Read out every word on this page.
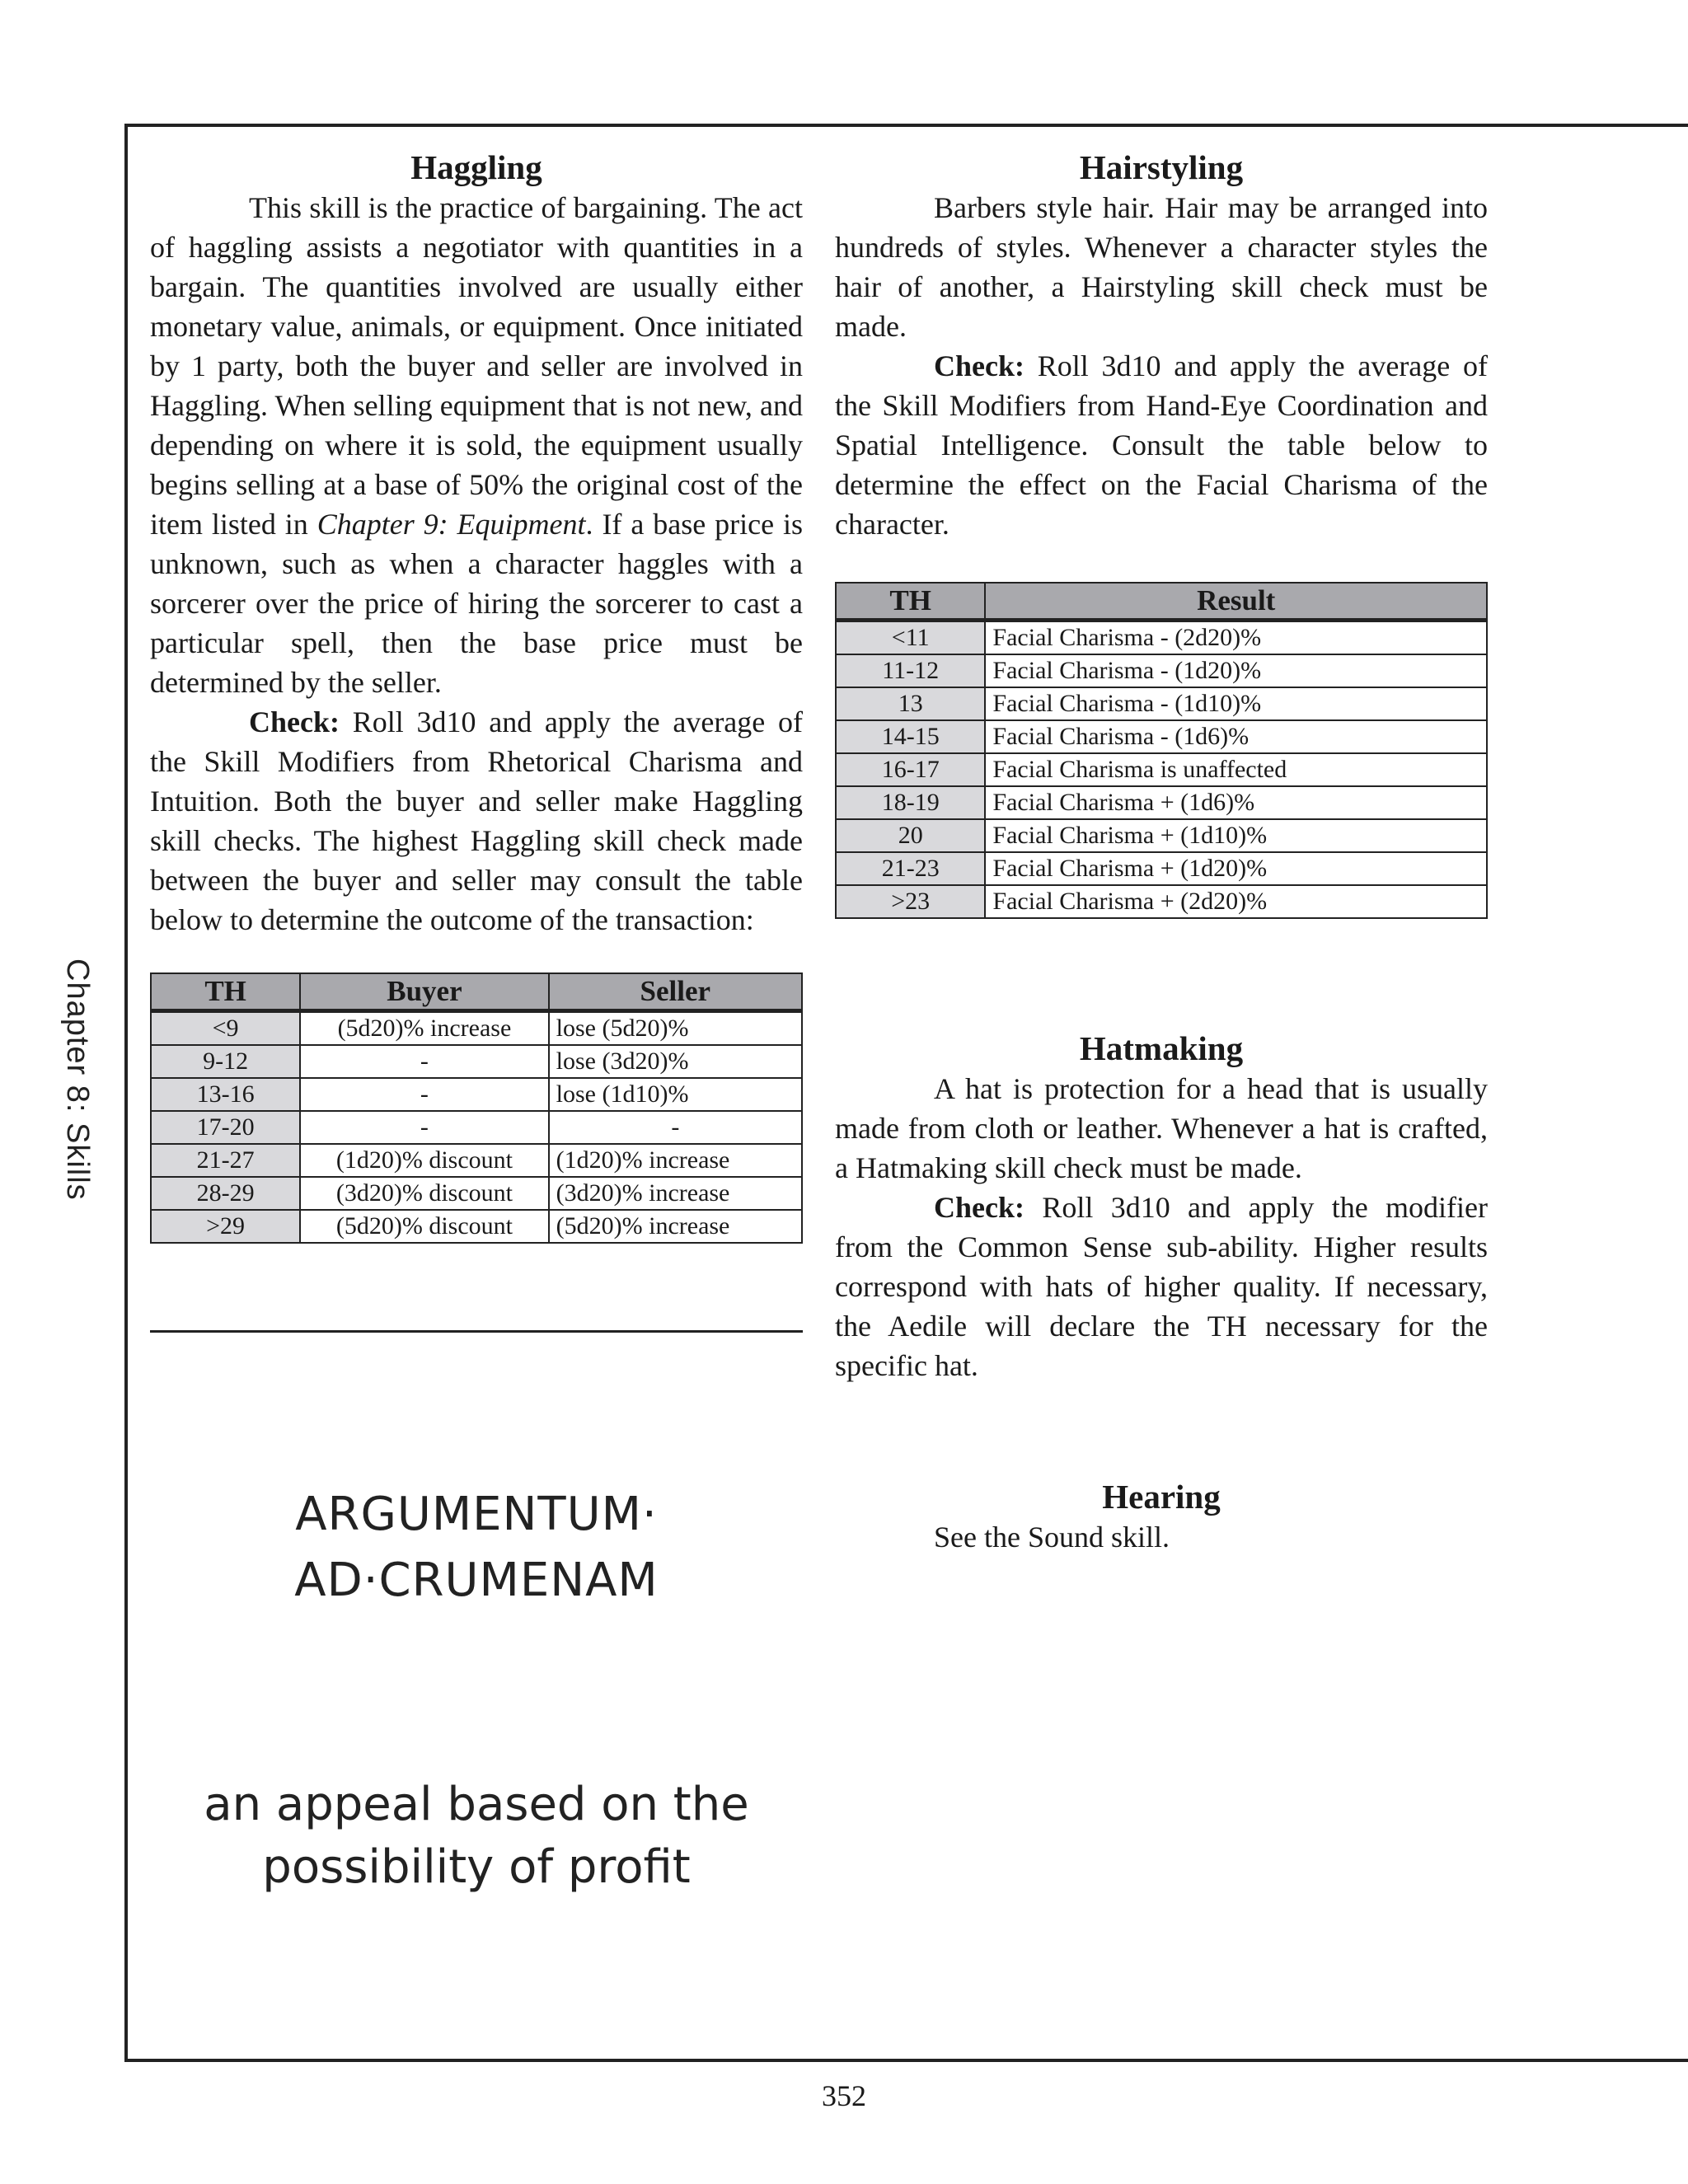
Chapter 8: Skills
Haggling

This skill is the practice of bargaining. The act of haggling assists a negotiator with quantities in a bargain. The quantities involved are usually either monetary value, animals, or equipment. Once initiated by 1 party, both the buyer and seller are involved in Haggling. When selling equipment that is not new, and depending on where it is sold, the equipment usually begins selling at a base of 50% the original cost of the item listed in Chapter 9: Equipment. If a base price is unknown, such as when a character haggles with a sorcerer over the price of hiring the sorcerer to cast a particular spell, then the base price must be determined by the seller.

Check: Roll 3d10 and apply the average of the Skill Modifiers from Rhetorical Charisma and Intuition. Both the buyer and seller make Haggling skill checks. The highest Haggling skill check made between the buyer and seller may consult the table below to determine the outcome of the transaction:

TH	Buyer	Seller
<9	(5d20)% increase	lose (5d20)%
9-12	-	lose (3d20)%
13-16	-	lose (1d10)%
17-20	-	-
21-27	(1d20)% discount	(1d20)% increase
28-29	(3d20)% discount	(3d20)% increase
>29	(5d20)% discount	(5d20)% increase
ARGUMENTUM·
AD·CRUMENAM
an appeal based on the
possibility of profit
Hairstyling

Barbers style hair. Hair may be arranged into hundreds of styles. Whenever a character styles the hair of another, a Hairstyling skill check must be made.

Check: Roll 3d10 and apply the average of the Skill Modifiers from Hand-Eye Coordination and Spatial Intelligence. Consult the table below to determine the effect on the Facial Charisma of the character.

TH	Result
<11	Facial Charisma - (2d20)%
11-12	Facial Charisma - (1d20)%
13	Facial Charisma - (1d10)%
14-15	Facial Charisma - (1d6)%
16-17	Facial Charisma is unaffected
18-19	Facial Charisma + (1d6)%
20	Facial Charisma + (1d10)%
21-23	Facial Charisma + (1d20)%
>23	Facial Charisma + (2d20)%
Hatmaking

A hat is protection for a head that is usually made from cloth or leather. Whenever a hat is crafted, a Hatmaking skill check must be made.

Check: Roll 3d10 and apply the modifier from the Common Sense sub-ability. Higher results correspond with hats of higher quality. If necessary, the Aedile will declare the TH necessary for the specific hat.

Hearing

See the Sound skill.

352
